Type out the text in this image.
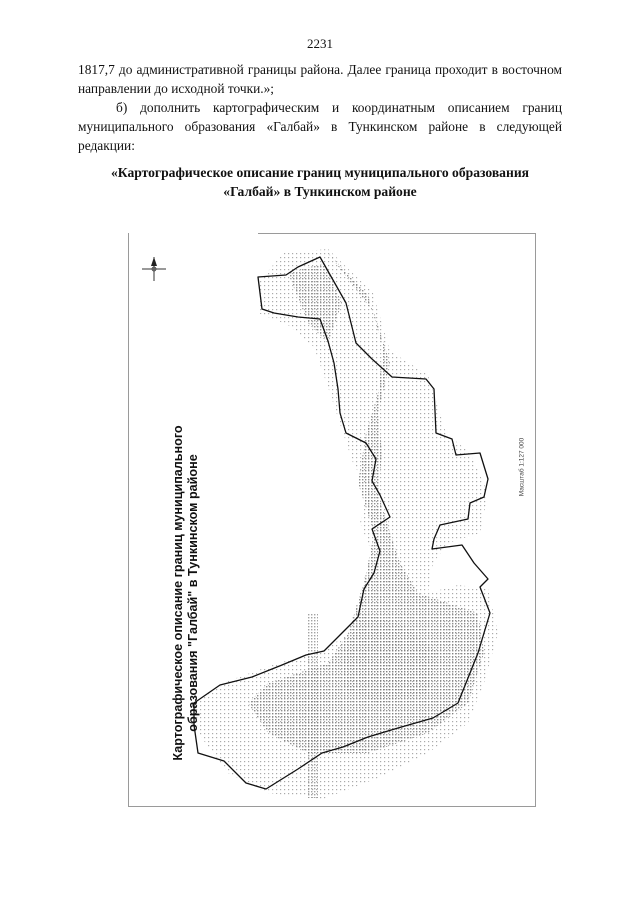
2231
1817,7 до административной границы района. Далее граница проходит в восточном направлении до исходной точки.»;
б) дополнить картографическим и координатным описанием границ муниципального образования «Галбай» в Тункинском районе в следующей редакции:
«Картографическое описание границ муниципального образования
«Галбай» в Тункинском районе
Картографическое описание границ муниципального образования "Галбай" в Тункинском районе	Масштаб 1:127 000
